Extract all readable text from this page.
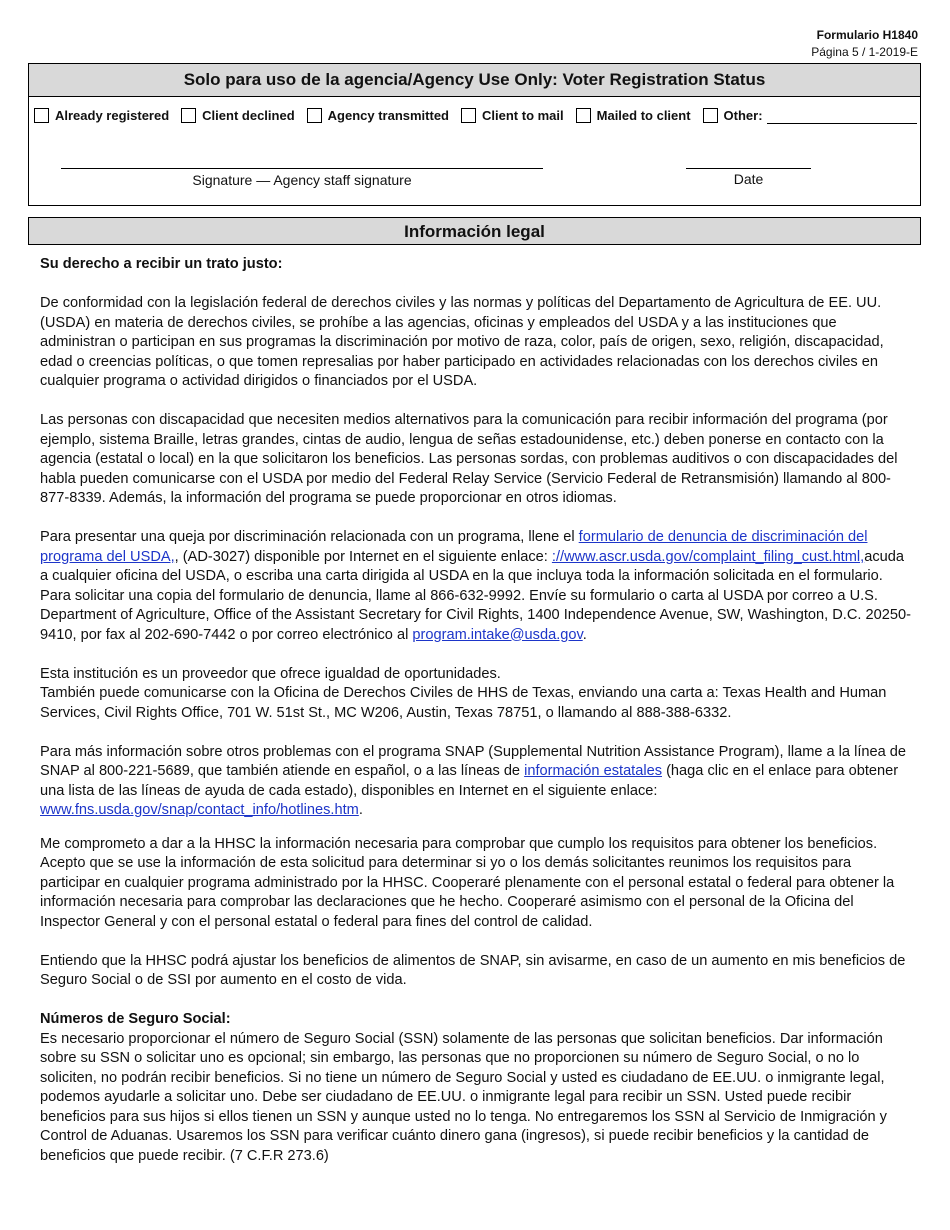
Formulario H1840
Página 5 / 1-2019-E
Solo para uso de la agencia/Agency Use Only: Voter Registration Status
Already registered	Client declined	Agency transmitted	Client to mail	Mailed to client	Other:
Signature — Agency staff signature	Date
Información legal

Su derecho a recibir un trato justo:

De conformidad con la legislación federal de derechos civiles y las normas y políticas del Departamento de Agricultura de EE. UU. (USDA) en materia de derechos civiles, se prohíbe a las agencias, oficinas y empleados del USDA y a las instituciones que administran o participan en sus programas la discriminación por motivo de raza, color, país de origen, sexo, religión, discapacidad, edad o creencias políticas, o que tomen represalias por haber participado en actividades relacionadas con los derechos civiles en cualquier programa o actividad dirigidos o financiados por el USDA.

Las personas con discapacidad que necesiten medios alternativos para la comunicación para recibir información del programa (por ejemplo, sistema Braille, letras grandes, cintas de audio, lengua de señas estadounidense, etc.) deben ponerse en contacto con la agencia (estatal o local) en la que solicitaron los beneficios. Las personas sordas, con problemas auditivos o con discapacidades del habla pueden comunicarse con el USDA por medio del Federal Relay Service (Servicio Federal de Retransmisión) llamando al 800-877-8339. Además, la información del programa se puede proporcionar en otros idiomas.

Para presentar una queja por discriminación relacionada con un programa, llene el formulario de denuncia de discriminación del programa del USDA,, (AD-3027) disponible por Internet en el siguiente enlace: ://www.ascr.usda.gov/complaint_filing_cust.html,acuda a cualquier oficina del USDA, o escriba una carta dirigida al USDA en la que incluya toda la información solicitada en el formulario. Para solicitar una copia del formulario de denuncia, llame al 866-632-9992. Envíe su formulario o carta al USDA por correo a U.S. Department of Agriculture, Office of the Assistant Secretary for Civil Rights, 1400 Independence Avenue, SW, Washington, D.C. 20250-9410, por fax al 202-690-7442 o por correo electrónico al program.intake@usda.gov.

Esta institución es un proveedor que ofrece igualdad de oportunidades.

También puede comunicarse con la Oficina de Derechos Civiles de HHS de Texas, enviando una carta a: Texas Health and Human Services, Civil Rights Office, 701 W. 51st St., MC W206, Austin, Texas 78751, o llamando al 888-388-6332.

Para más información sobre otros problemas con el programa SNAP (Supplemental Nutrition Assistance Program), llame a la línea de SNAP al 800-221-5689, que también atiende en español, o a las líneas de información estatales (haga clic en el enlace para obtener una lista de las líneas de ayuda de cada estado), disponibles en Internet en el siguiente enlace: www.fns.usda.gov/snap/contact_info/hotlines.htm.

Me comprometo a dar a la HHSC la información necesaria para comprobar que cumplo los requisitos para obtener los beneficios. Acepto que se use la información de esta solicitud para determinar si yo o los demás solicitantes reunimos los requisitos para participar en cualquier programa administrado por la HHSC. Cooperaré plenamente con el personal estatal o federal para obtener la información necesaria para comprobar las declaraciones que he hecho. Cooperaré asimismo con el personal de la Oficina del Inspector General y con el personal estatal o federal para fines del control de calidad.

Entiendo que la HHSC podrá ajustar los beneficios de alimentos de SNAP, sin avisarme, en caso de un aumento en mis beneficios de Seguro Social o de SSI por aumento en el costo de vida.

Números de Seguro Social:

Es necesario proporcionar el número de Seguro Social (SSN) solamente de las personas que solicitan beneficios. Dar información sobre su SSN o solicitar uno es opcional; sin embargo, las personas que no proporcionen su número de Seguro Social, o no lo soliciten, no podrán recibir beneficios. Si no tiene un número de Seguro Social y usted es ciudadano de EE.UU. o inmigrante legal, podemos ayudarle a solicitar uno. Debe ser ciudadano de EE.UU. o inmigrante legal para recibir un SSN. Usted puede recibir beneficios para sus hijos si ellos tienen un SSN y aunque usted no lo tenga. No entregaremos los SSN al Servicio de Inmigración y Control de Aduanas. Usaremos los SSN para verificar cuánto dinero gana (ingresos), si puede recibir beneficios y la cantidad de beneficios que puede recibir. (7 C.F.R 273.6)
